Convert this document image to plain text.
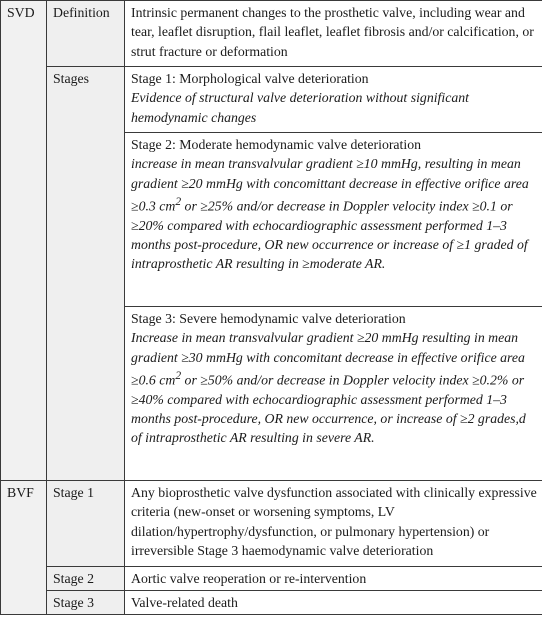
SVD	Definition	Intrinsic permanent changes to the prosthetic valve, including wear and tear, leaflet disruption, flail leaflet, leaflet fibrosis and/or calcification, or strut fracture or deformation
	Stages	Stage 1: Morphological valve deterioration
Evidence of structural valve deterioration without significant hemodynamic changes

		Stage 2: Moderate hemodynamic valve deterioration
increase in mean transvalvular gradient ≥10 mmHg, resulting in mean gradient ≥20 mmHg with concomittant decrease in effective orifice area ≥0.3 $cm^2$ or ≥25% and/or decrease in Doppler velocity index ≥0.1 or ≥20% compared with echocardiographic assessment performed 1–3 months post-procedure, OR new occurrence or increase of ≥1 graded of intraprosthetic AR resulting in ≥moderate AR.

		Stage 3: Severe hemodynamic valve deterioration
Increase in mean transvalvular gradient ≥20 mmHg resulting in mean gradient ≥30 mmHg with concomitant decrease in effective orifice area ≥0.6 $cm^2$ or ≥50% and/or decrease in Doppler velocity index ≥0.2% or ≥40% compared with echocardiographic assessment performed 1–3 months post-procedure, OR new occurrence, or increase of ≥2 grades,d of intraprosthetic AR resulting in severe AR.

BVF	Stage 1	Any bioprosthetic valve dysfunction associated with clinically expressive criteria (new-onset or worsening symptoms, LV dilation/hypertrophy/dysfunction, or pulmonary hypertension) or irreversible Stage 3 haemodynamic valve deterioration
	Stage 2	Aortic valve reoperation or re-intervention
	Stage 3	Valve-related death
